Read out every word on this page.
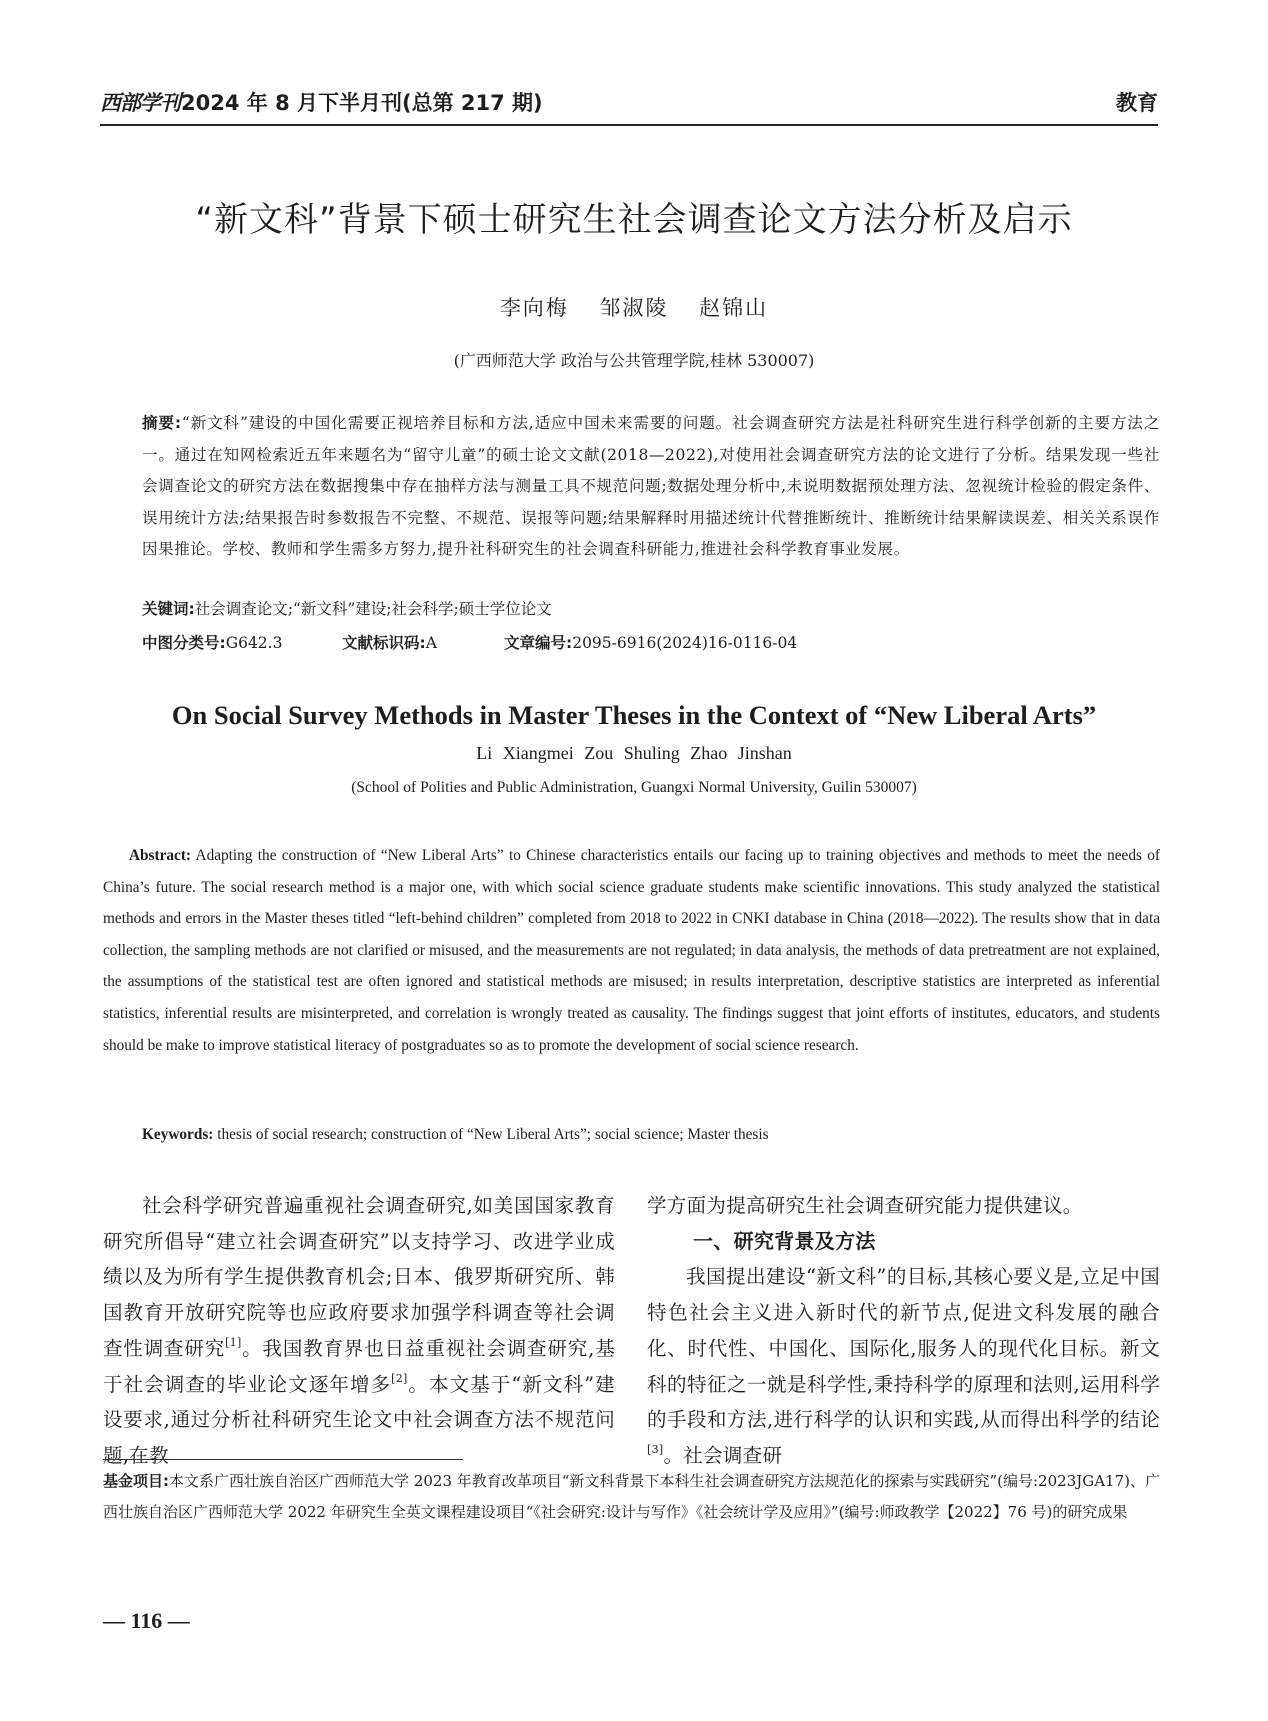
西部学刊2024 年 8 月下半月刊(总第 217 期)	教育
“新文科”背景下硕士研究生社会调查论文方法分析及启示
李向梅 邹淑陵 赵锦山
(广西师范大学 政治与公共管理学院,桂林 530007)
摘要:“新文科”建设的中国化需要正视培养目标和方法,适应中国未来需要的问题。社会调查研究方法是社科研究生进行科学创新的主要方法之一。通过在知网检索近五年来题名为“留守儿童”的硕士论文文献(2018—2022),对使用社会调查研究方法的论文进行了分析。结果发现一些社会调查论文的研究方法在数据搜集中存在抽样方法与测量工具不规范问题;数据处理分析中,未说明数据预处理方法、忽视统计检验的假定条件、误用统计方法;结果报告时参数报告不完整、不规范、误报等问题;结果解释时用描述统计代替推断统计、推断统计结果解读误差、相关关系误作因果推论。学校、教师和学生需多方努力,提升社科研究生的社会调查科研能力,推进社会科学教育事业发展。
关键词:社会调查论文;“新文科”建设;社会科学;硕士学位论文
中图分类号:G642.3	文献标识码:A	文章编号:2095-6916(2024)16-0116-04
On Social Survey Methods in Master Theses in the Context of “New Liberal Arts”
Li Xiangmei Zou Shuling Zhao Jinshan
(School of Polities and Public Administration, Guangxi Normal University, Guilin 530007)
Abstract: Adapting the construction of “New Liberal Arts” to Chinese characteristics entails our facing up to training objectives and methods to meet the needs of China’s future. The social research method is a major one, with which social science graduate students make scientific innovations. This study analyzed the statistical methods and errors in the Master theses titled “left-behind children” completed from 2018 to 2022 in CNKI database in China (2018—2022). The results show that in data collection, the sampling methods are not clarified or misused, and the measurements are not regulated; in data analysis, the methods of data pretreatment are not explained, the assumptions of the statistical test are often ignored and statistical methods are misused; in results interpretation, descriptive statistics are interpreted as inferential statistics, inferential results are misinterpreted, and correlation is wrongly treated as causality. The findings suggest that joint efforts of institutes, educators, and students should be make to improve statistical literacy of postgraduates so as to promote the development of social science research.
Keywords: thesis of social research; construction of “New Liberal Arts”; social science; Master thesis
社会科学研究普遍重视社会调查研究,如美国国家教育研究所倡导“建立社会调查研究”以支持学习、改进学业成绩以及为所有学生提供教育机会;日本、俄罗斯研究所、韩国教育开放研究院等也应政府要求加强学科调查等社会调查性调查研究[1]。我国教育界也日益重视社会调查研究,基于社会调查的毕业论文逐年增多[2]。本文基于“新文科”建设要求,通过分析社科研究生论文中社会调查方法不规范问题,在教

学方面为提高研究生社会调查研究能力提供建议。

一、研究背景及方法

我国提出建设“新文科”的目标,其核心要义是,立足中国特色社会主义进入新时代的新节点,促进文科发展的融合化、时代性、中国化、国际化,服务人的现代化目标。新文科的特征之一就是科学性,秉持科学的原理和法则,运用科学的手段和方法,进行科学的认识和实践,从而得出科学的结论[3]。社会调查研

基金项目:本文系广西壮族自治区广西师范大学 2023 年教育改革项目“新文科背景下本科生社会调查研究方法规范化的探索与实践研究”(编号:2023JGA17)、广西壮族自治区广西师范大学 2022 年研究生全英文课程建设项目“《社会研究:设计与写作》《社会统计学及应用》”(编号:师政教学【2022】76 号)的研究成果
— 116 —
